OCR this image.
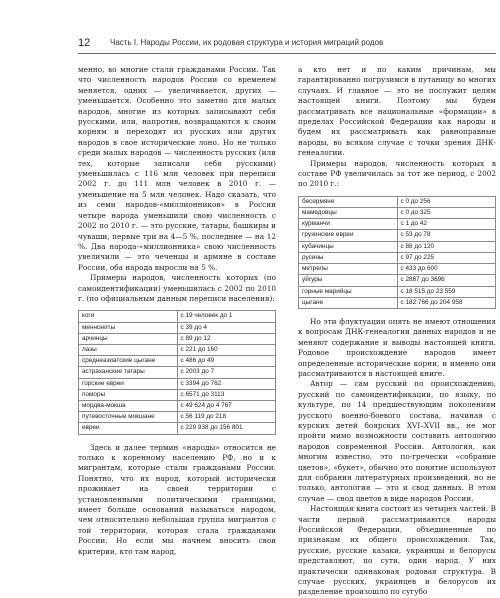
12 Часть I. Народы России, их родовая структура и история миграций родов

менно, во многие стали гражданами России. Так что численность народов России со временем меняется, одних — увеличивается, других — уменьшается. Особенно это заметно для малых народов, многие из которых записывают себя русскими, или, напротив, возвращаются к своим корням и переходят из русских или других народов в свое исторические лоно. Но не только среди малых народов — численность русских (или тех, которые записали себя русскими) уменьшилась с 116 млн человек при переписи 2002 г. до 111 млн человек в 2010 г. — уменьшение на 5 млн человек. Надо сказать, что из семи народов-«миллионников» в России четыре народа уменьшили свою численность с 2002 по 2010 г. — это русские, татары, башкиры и чуваши, первые три на 4—5 %, последние — на 12 %. Два народа-«миллионника» свою численность увеличили — это чеченцы и армяне в составе России, оба народа выросли на 5 %.

Примеры народов, численность которых (по самоидентификации) уменьшилась с 2002 по 2010 г. (по официальным данным переписи населения):

коги	с 19 человек до 1
меннониты	с 39 до 4
арчинцы	с 89 до 12
лазы	с 221 до 160
среднеазиатские цыгане	с 486 до 49
астраханские татары	с 2003 до 7
горские евреи	с 3394 до 762
поморы	с 6571 до 3113
мордва-мокша	с 49 624 до 4 767
путевосточные мокшане	с 56 119 до 218
евреи	с 229 938 до 156 801

Здесь и далее термин «народы» относится не только к коренному населению РФ, но и к мигрантам, которые стали гражданами России. Понятно, что их народ, который исторически проживает на своей территории с установленными политическими границами, имеет больше оснований называться народом, чем относительно небольшая группа мигрантов с той территории, которая стала гражданами России. Но если мы начнем вносить свои критерии, кто там народ,

а кто нет и по каким причинам, мы гарантированно погрузимся в путаницу во многих случаях. И главное — это не послужит целям настоящей книги. Поэтому мы будем рассматривать все национальные «формации» в пределах Российской Федерации как народы и будем их рассматривать как равноправные народы, во всяком случае с точки зрения ДНК-генеалогии.

Примеры народов, численность которых в составе РФ увеличилась за тот же период, с 2002 по 2010 г.:

бесермяне	с 0 до 256
мамедовцы	с 0 до 325
курманчи	с 1 до 42
грузинские евреи	с 53 до 78
кубачинцы	с 88 до 120
русины	с 97 до 225
метрелы	с 433 до 600
уйгуры	с 2867 до 3696
горные марийцы	с 18 515 до 23 559
цыгане	с 182 766 до 204 958

Но эти флуктуации опять не имеют отношения к вопросам ДНК-генеалогии данных народов и не меняют содержание и выводы настоящей книги. Родовое происхождение народов имеет определенные исторические корни, и именно они рассматриваются в настоящей книге.

Автор — сам русский по происхождению, русский по самоидентификации, по языку, по культуре, по 14 предшествующим поколениям русского военно-боевого состава, начиная с курских детей боярских XVI–XVII вв., не мог пройти мимо возможности составить антологию народов современной России. Антология, как многим известно, это по-гречески «собрание цветов», «букет», обычно это понятие используют для собрания литературных произведений, но не только, антология — это и свод данных. В этом случае — свод цветов в виде народов России.

Настоящая книга состоит из четырех частей. В части первой рассматриваются народы Российской Федерации, объединенные по признакам их общего происхождения. Так, русские, русские казаки, украинцы и белорусы представляют, по сути, один народ. У них практически одинаковая родовая структура. В случае русских, украинцев и белорусов их разделение произошло по сугубо
